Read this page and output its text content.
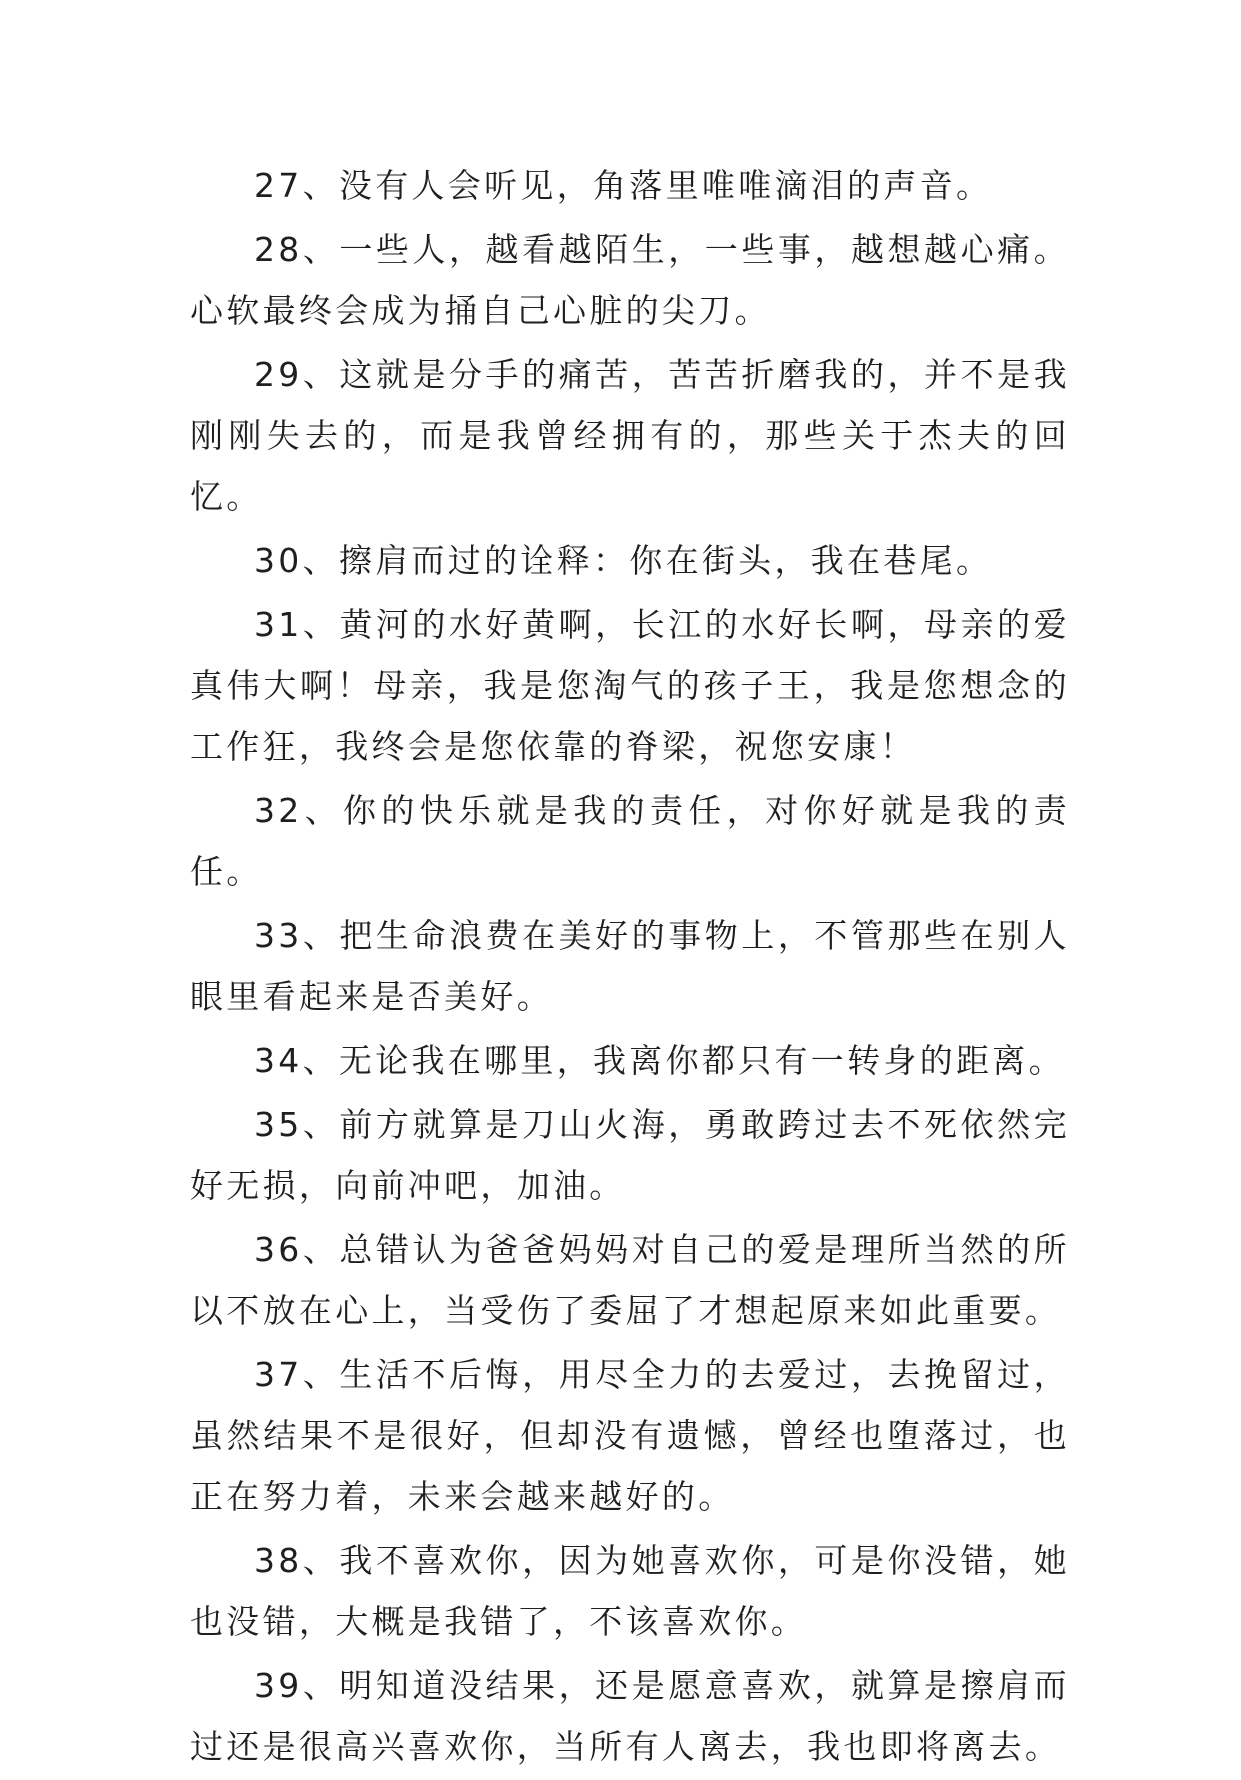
27、没有人会听见，角落里唯唯滴泪的声音。

28、一些人，越看越陌生，一些事，越想越心痛。心软最终会成为捅自己心脏的尖刀。

29、这就是分手的痛苦，苦苦折磨我的，并不是我刚刚失去的，而是我曾经拥有的，那些关于杰夫的回忆。

30、擦肩而过的诠释：你在街头，我在巷尾。

31、黄河的水好黄啊，长江的水好长啊，母亲的爱真伟大啊！母亲，我是您淘气的孩子王，我是您想念的工作狂，我终会是您依靠的脊梁，祝您安康！

32、你的快乐就是我的责任，对你好就是我的责任。

33、把生命浪费在美好的事物上，不管那些在别人眼里看起来是否美好。

34、无论我在哪里，我离你都只有一转身的距离。

35、前方就算是刀山火海，勇敢跨过去不死依然完好无损，向前冲吧，加油。

36、总错认为爸爸妈妈对自己的爱是理所当然的所以不放在心上，当受伤了委屈了才想起原来如此重要。

37、生活不后悔，用尽全力的去爱过，去挽留过，虽然结果不是很好，但却没有遗憾，曾经也堕落过，也正在努力着，未来会越来越好的。

38、我不喜欢你，因为她喜欢你，可是你没错，她也没错，大概是我错了，不该喜欢你。

39、明知道没结果，还是愿意喜欢，就算是擦肩而过还是很高兴喜欢你，当所有人离去，我也即将离去。
